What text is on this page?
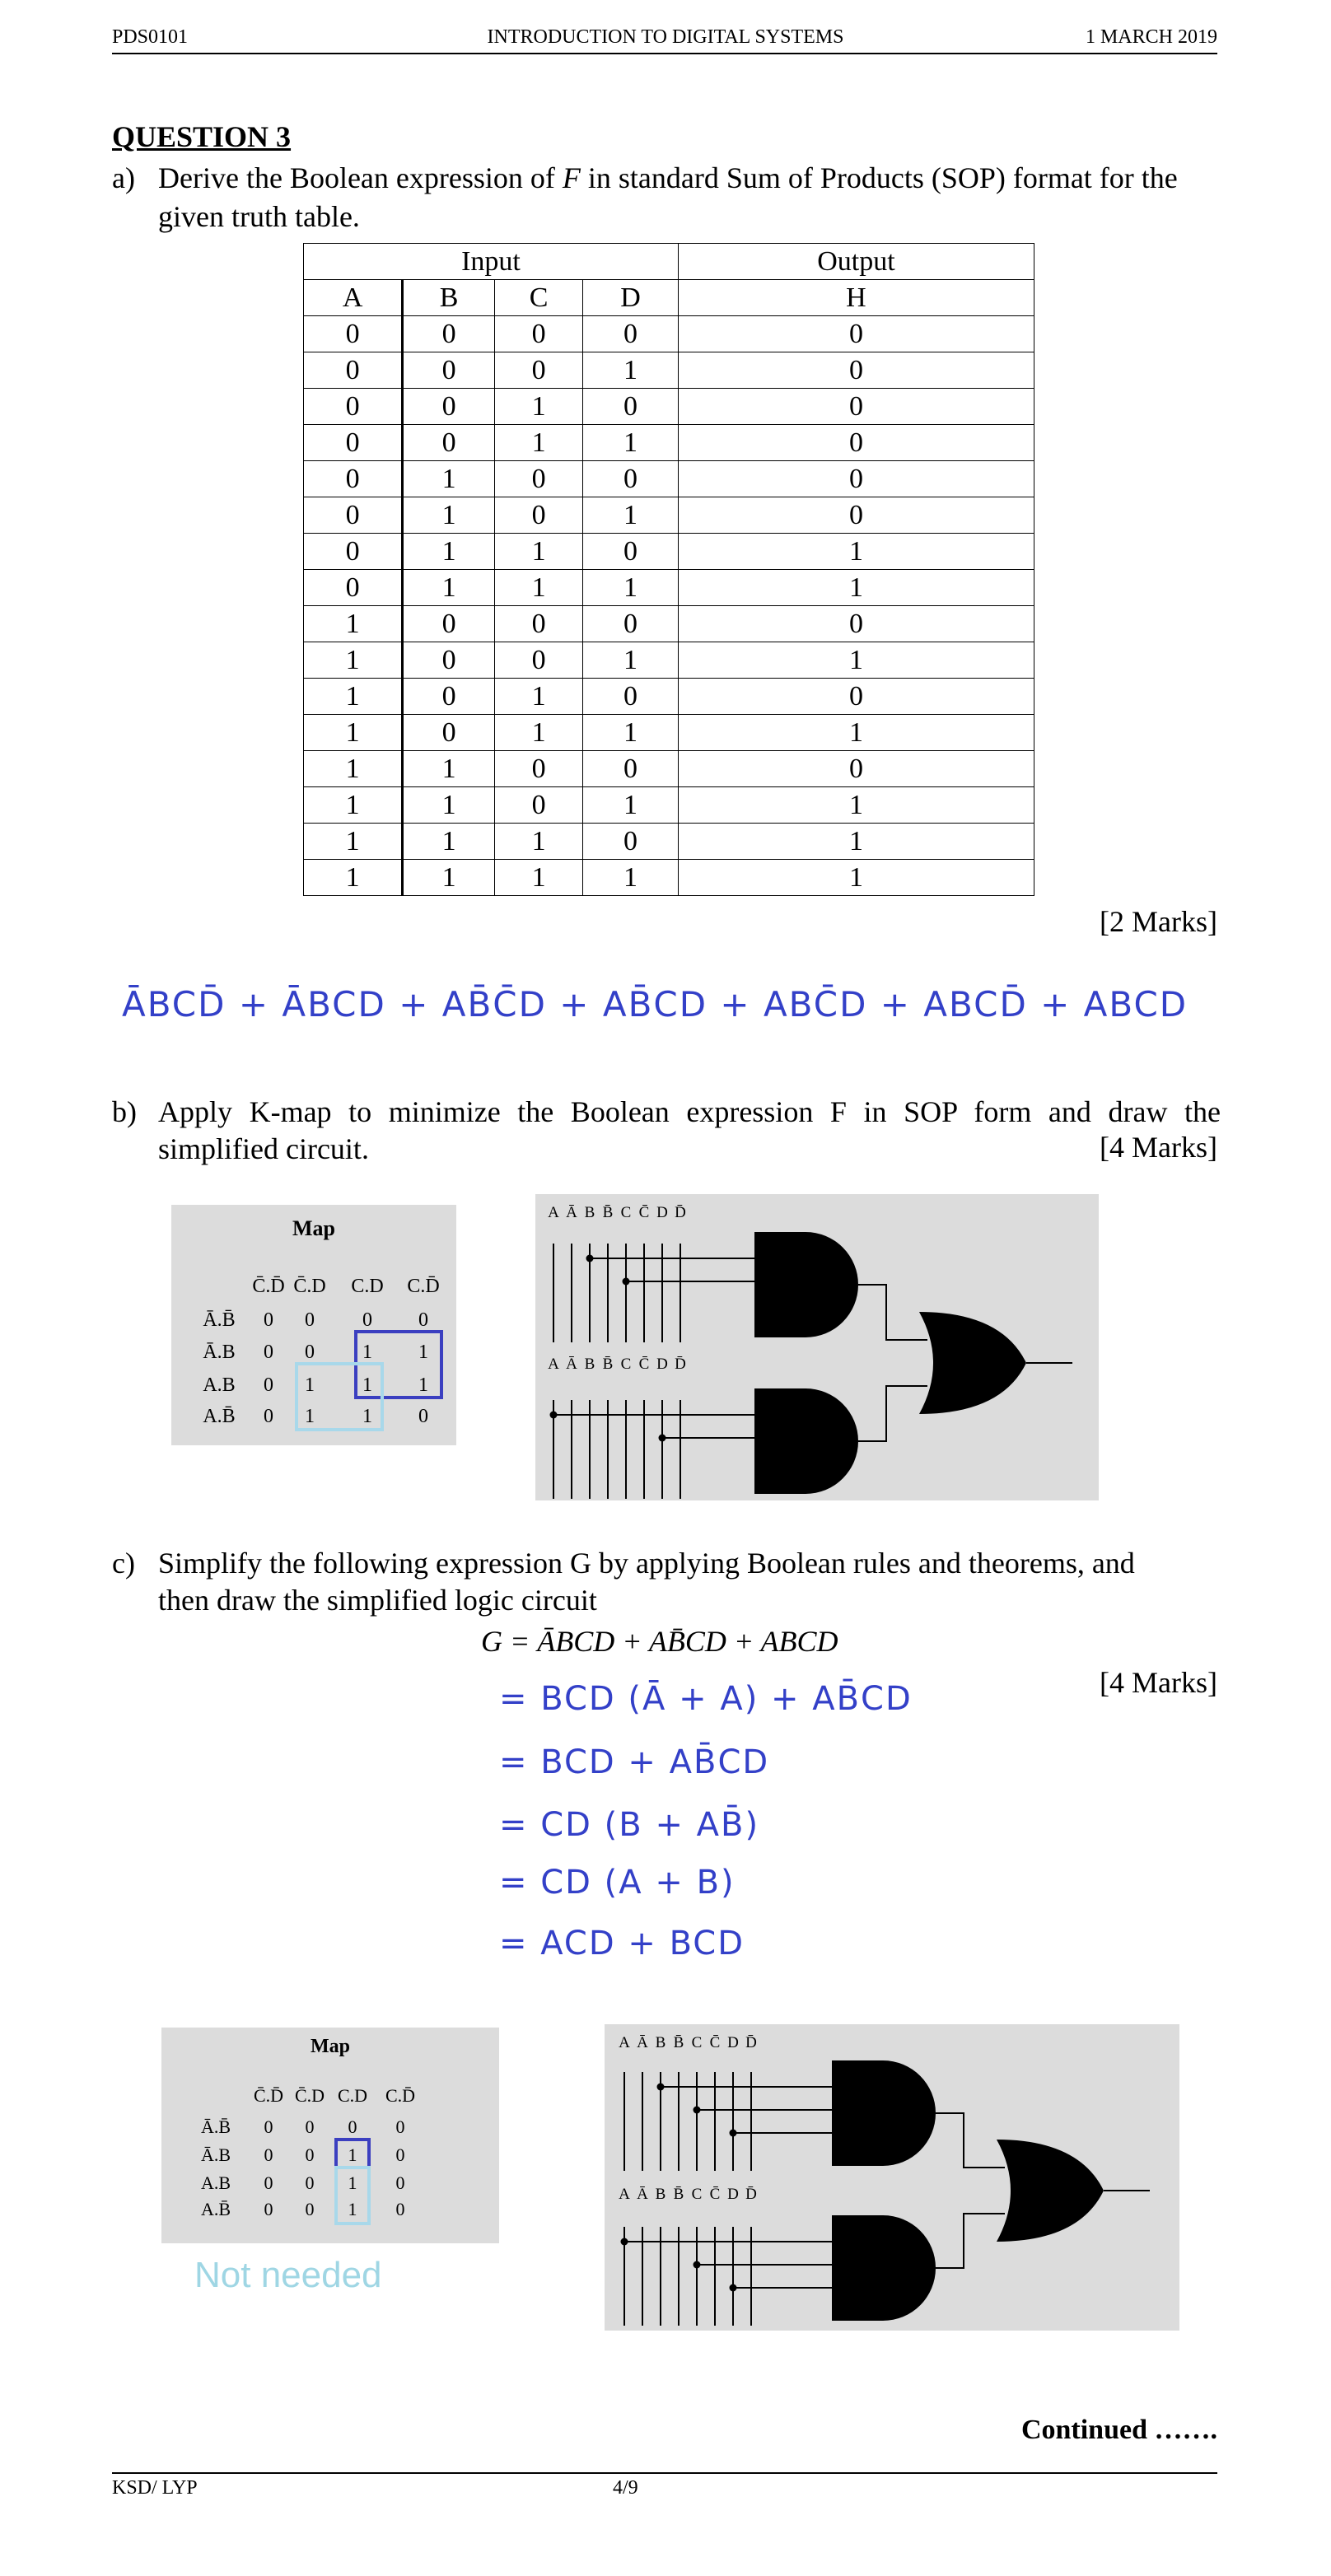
PDS0101	INTRODUCTION TO DIGITAL SYSTEMS	1 MARCH 2019
QUESTION 3
a) Derive the Boolean expression of F in standard Sum of Products (SOP) format for the
given truth table.
Input				Output
A	B	C	D	H
0	0	0	0	0
0	0	0	1	0
0	0	1	0	0
0	0	1	1	0
0	1	0	0	0
0	1	0	1	0
0	1	1	0	1
0	1	1	1	1
1	0	0	0	0
1	0	0	1	1
1	0	1	0	0
1	0	1	1	1
1	1	0	0	0
1	1	0	1	1
1	1	1	0	1
1	1	1	1	1
[2 Marks]
ĀBCD̄ + ĀBCD + AB̄C̄D + AB̄CD + ABC̄D + ABCD̄ + ABCD
b) Apply K-map to minimize the Boolean expression F in SOP form and draw the
simplified circuit.	[4 Marks]
Map
C̄.D̄ C̄.D C.D C.D̄
Ā.B̄ 0 0 0 0
Ā.B 0 0 1 1
A.B 0 1 1 1
A.B̄ 0 1 1 0
A Ā B B̄ C C̄ D D̄
A Ā B B̄ C C̄ D D̄
c) Simplify the following expression G by applying Boolean rules and theorems, and
then draw the simplified logic circuit
G = ĀBCD + AB̄CD + ABCD
[4 Marks]
= BCD (Ā + A) + AB̄CD
= BCD + AB̄CD
= CD (B + AB̄)
= CD (A + B)
= ACD + BCD
Map
C̄.D̄ C̄.D C.D C.D̄
Ā.B̄ 0 0 0 0
Ā.B 0 0 1 0
A.B 0 0 1 0
A.B̄ 0 0 1 0
Not needed
A Ā B B̄ C C̄ D D̄
A Ā B B̄ C C̄ D D̄
Continued …….
KSD/ LYP	4/9
